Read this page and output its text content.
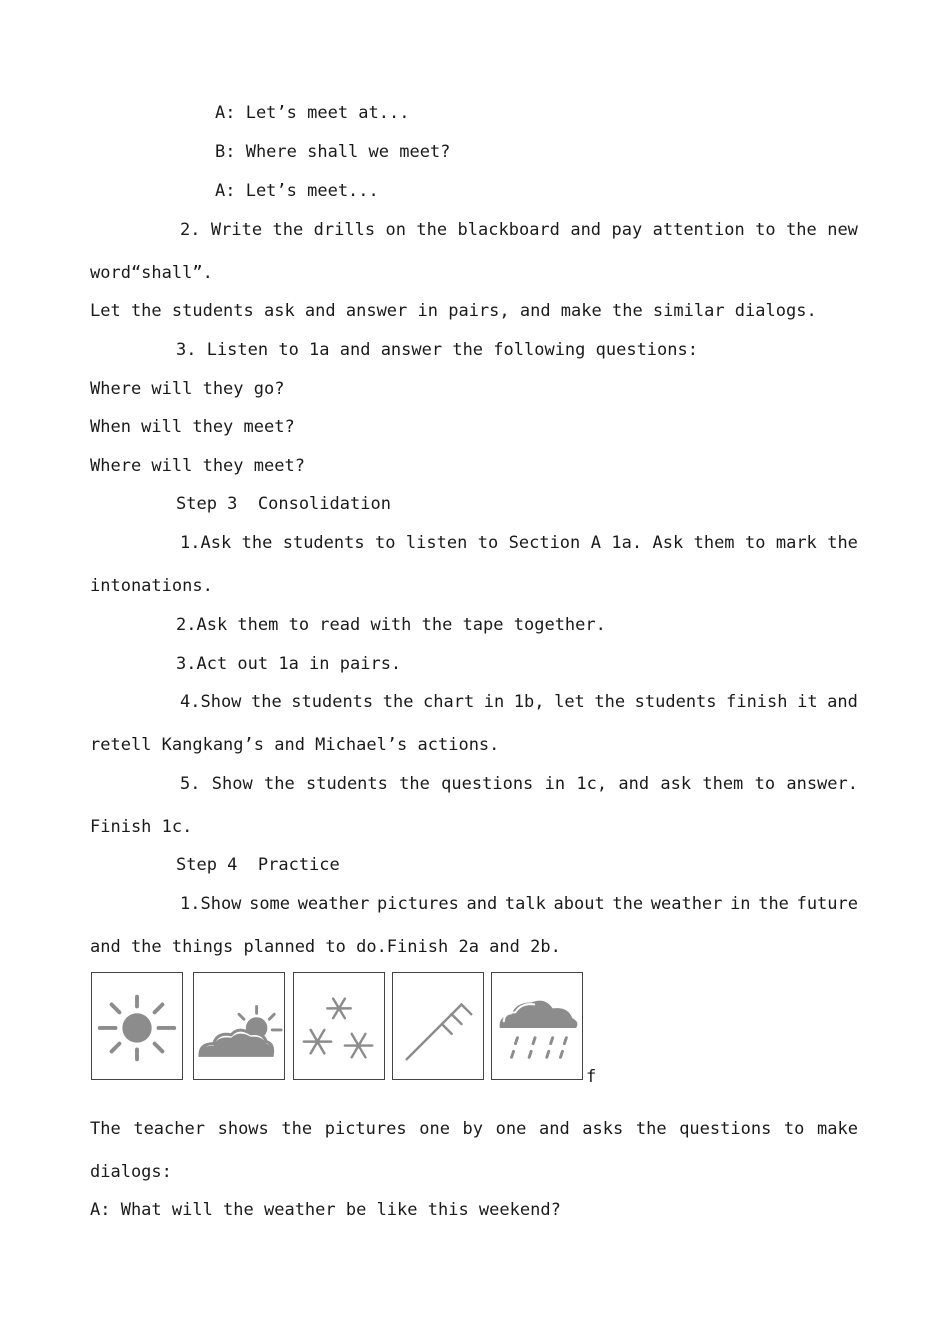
A: Let’s meet at...
B: Where shall we meet?
A: Let’s meet...
2. Write the drills on the blackboard and pay attention to the new
word“shall”.
Let the students ask and answer in pairs, and make the similar dialogs.
3. Listen to 1a and answer the following questions:
Where will they go?
When will they meet?
Where will they meet?
Step 3  Consolidation
1.Ask the students to listen to Section A 1a. Ask them to mark the
intonations.
2.Ask them to read with the tape together.
3.Act out 1a in pairs.
4.Show the students the chart in 1b, let the students finish it and
retell Kangkang’s and Michael’s actions.
5. Show the students the questions in 1c, and ask them to answer.
Finish 1c.
Step 4  Practice
1.Show some weather pictures and talk about the weather in the future
and the things planned to do.Finish 2a and 2b.
f
The teacher shows the pictures one by one and asks the questions to make
dialogs:
A: What will the weather be like this weekend?
